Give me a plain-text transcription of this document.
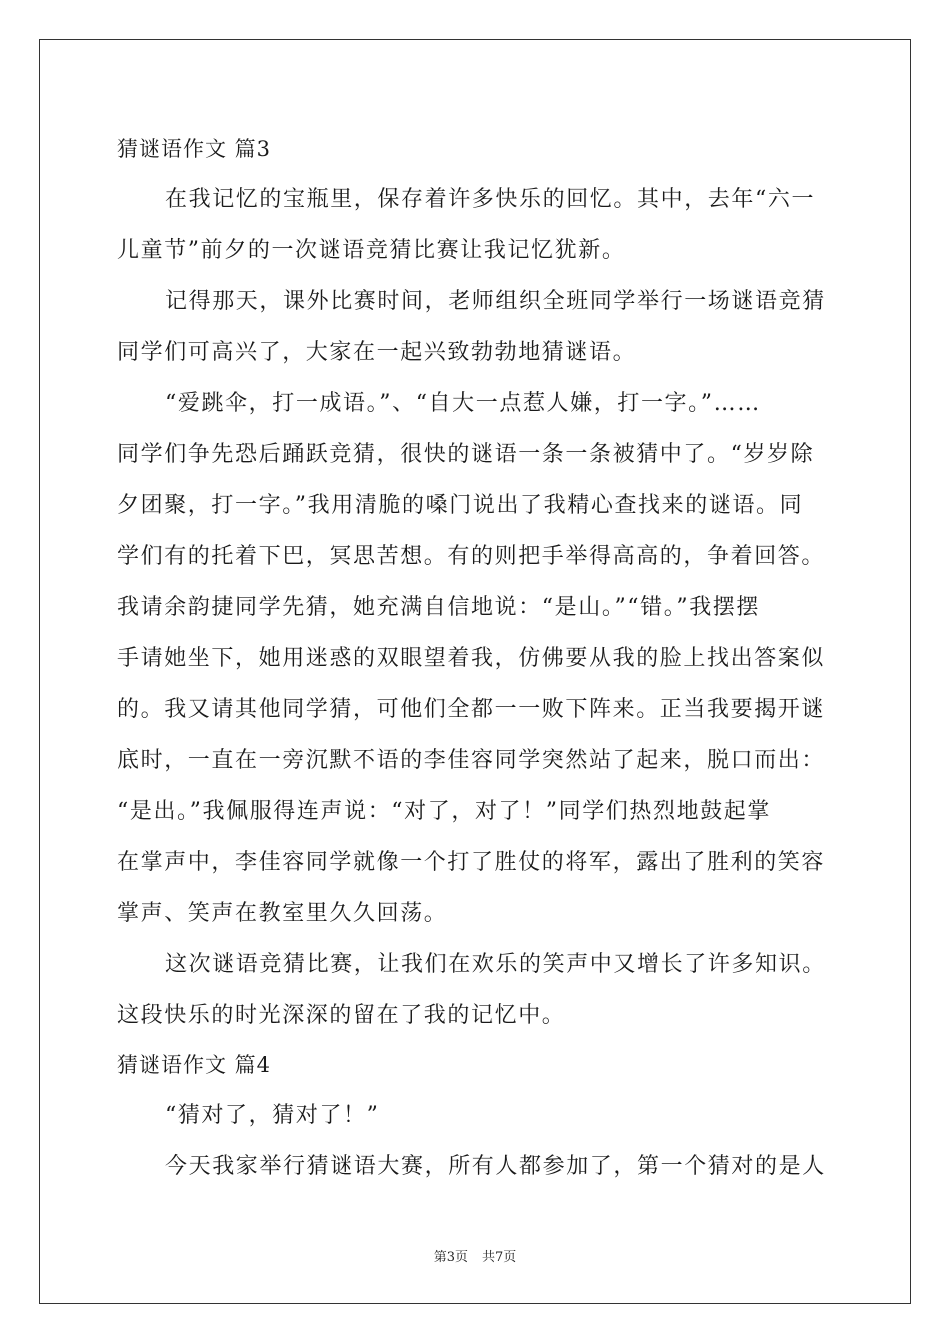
猜谜语作文 篇3
在我记忆的宝瓶里，保存着许多快乐的回忆。其中，去年“六一
儿童节”前夕的一次谜语竞猜比赛让我记忆犹新。
记得那天，课外比赛时间，老师组织全班同学举行一场谜语竞猜
同学们可高兴了，大家在一起兴致勃勃地猜谜语。
“爱跳伞，打一成语。”、“自大一点惹人嫌，打一字。”……
同学们争先恐后踊跃竞猜，很快的谜语一条一条被猜中了。“岁岁除
夕团聚，打一字。”我用清脆的嗓门说出了我精心查找来的谜语。同
学们有的托着下巴，冥思苦想。有的则把手举得高高的，争着回答。
我请余韵捷同学先猜，她充满自信地说：“是山。”“错。”我摆摆
手请她坐下，她用迷惑的双眼望着我，仿佛要从我的脸上找出答案似
的。我又请其他同学猜，可他们全都一一败下阵来。正当我要揭开谜
底时，一直在一旁沉默不语的李佳容同学突然站了起来，脱口而出：
“是出。”我佩服得连声说：“对了，对了！”同学们热烈地鼓起掌
在掌声中，李佳容同学就像一个打了胜仗的将军，露出了胜利的笑容
掌声、笑声在教室里久久回荡。
这次谜语竞猜比赛，让我们在欢乐的笑声中又增长了许多知识。
这段快乐的时光深深的留在了我的记忆中。
猜谜语作文 篇4
“猜对了，猜对了！”
今天我家举行猜谜语大赛，所有人都参加了，第一个猜对的是人
第3页 共7页
